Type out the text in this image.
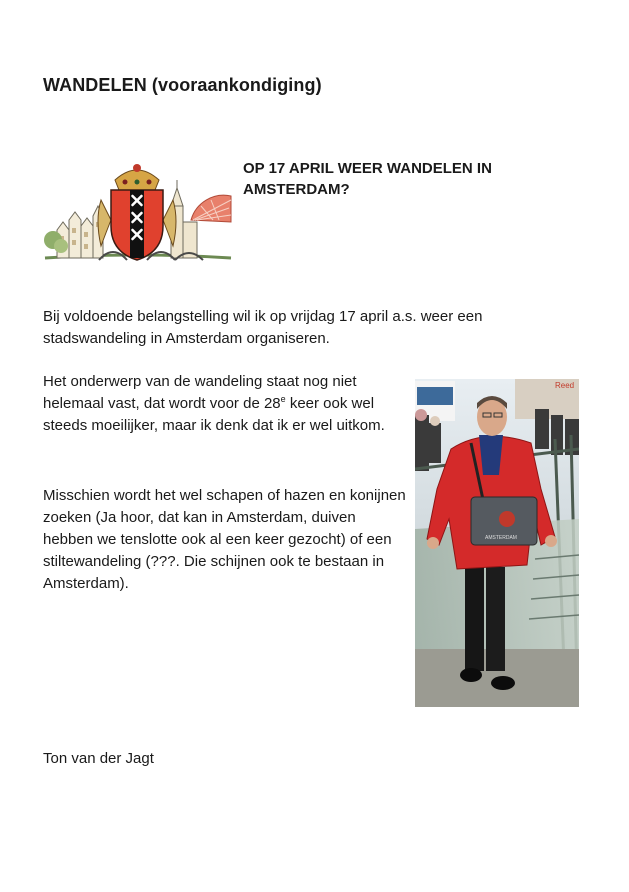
WANDELEN (vooraankondiging)
OP 17 APRIL WEER WANDELEN IN AMSTERDAM?

Bij voldoende belangstelling wil ik op vrijdag 17 april a.s. weer een stadswandeling in Amsterdam organiseren.

Het onderwerp van de wandeling staat nog niet helemaal vast, dat wordt voor de 28e keer ook wel steeds moeilijker, maar ik denk dat ik er wel uitkom.

Misschien wordt het wel schapen of hazen en konijnen zoeken (Ja hoor, dat kan in Amsterdam, duiven hebben we tenslotte ook al een keer gezocht) of een stiltewandeling (???. Die schijnen ook te bestaan in Amsterdam).

Reed
AMSTERDAM

Ton van der Jagt
